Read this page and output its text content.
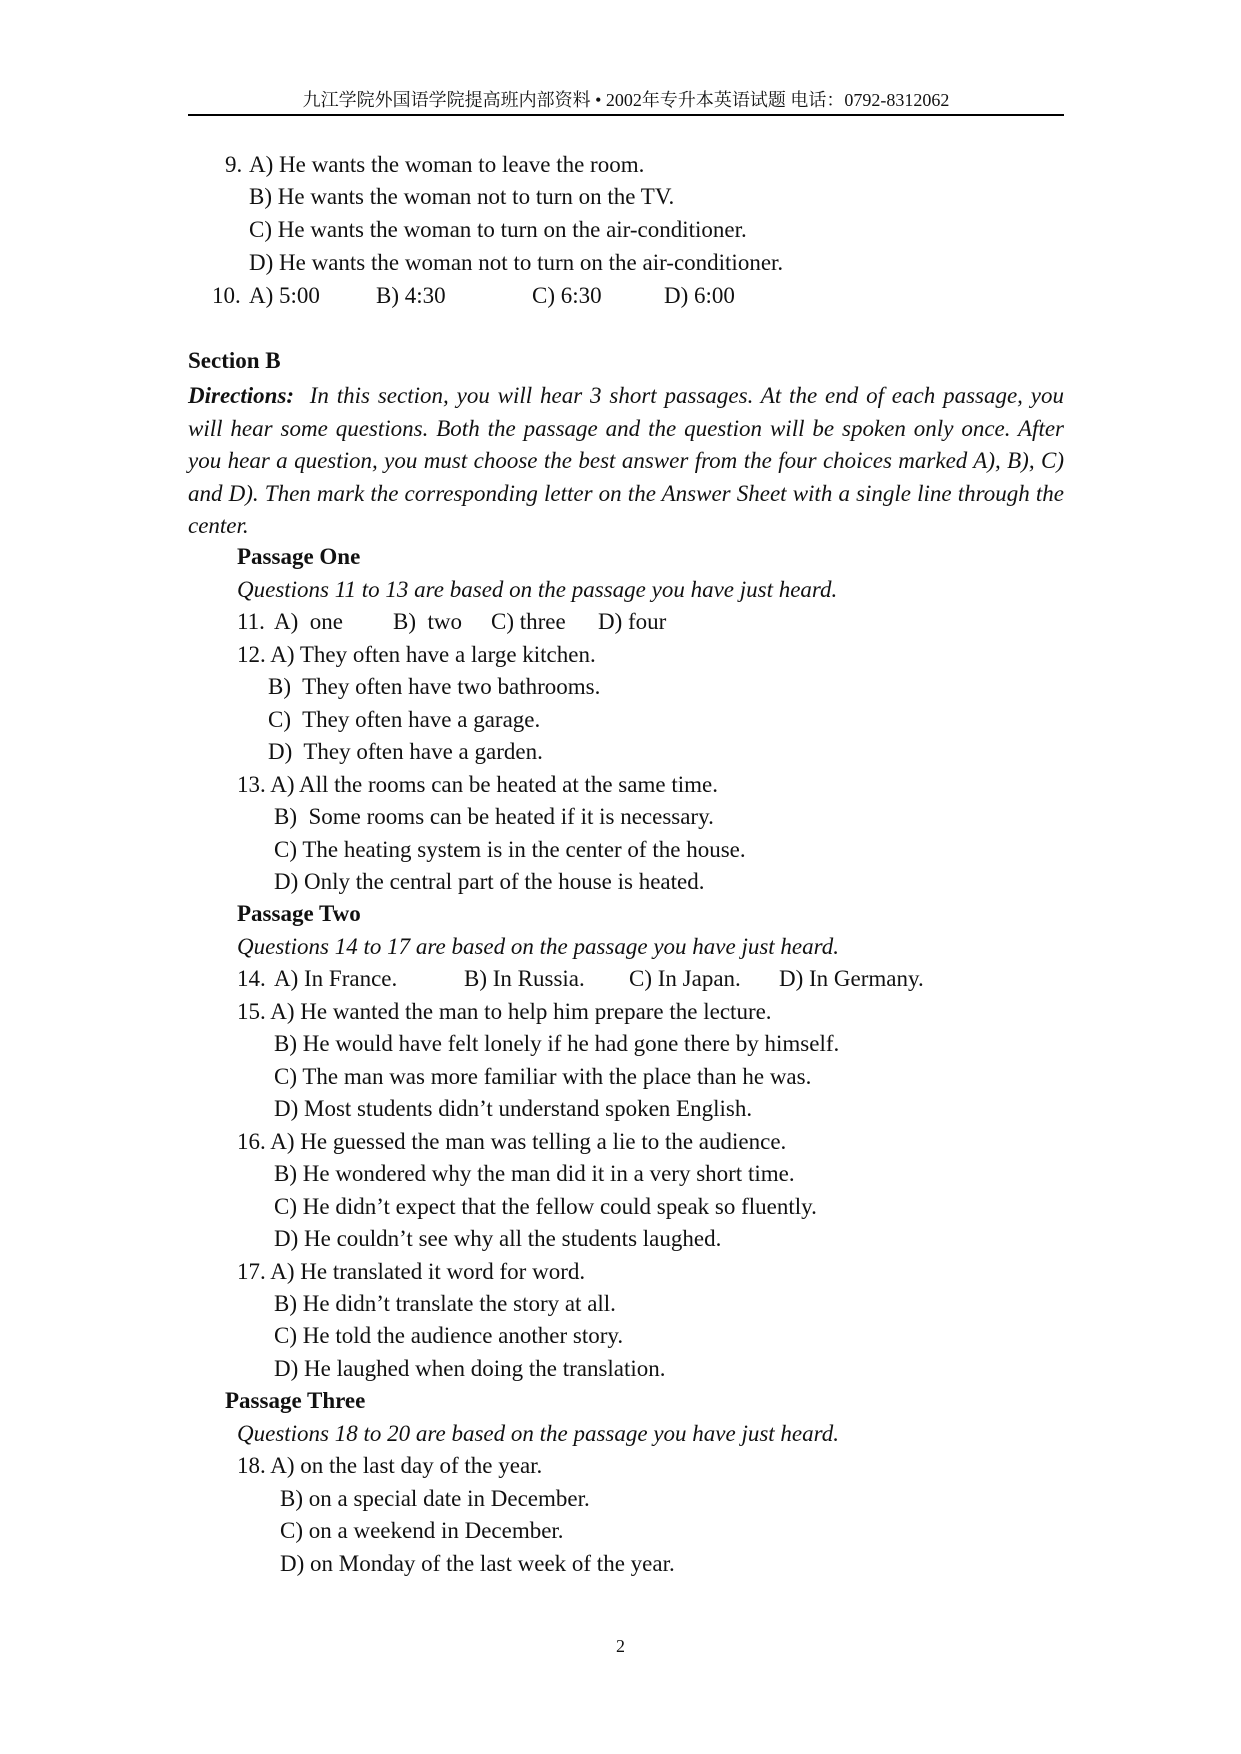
九江学院外国语学院提高班内部资料 • 2002年专升本英语试题 电话：0792-8312062
9. A) He wants the woman to leave the room.
B) He wants the woman not to turn on the TV.
C) He wants the woman to turn on the air-conditioner.
D) He wants the woman not to turn on the air-conditioner.
10. A) 5:00 B) 4:30	C) 6:30	D) 6:00
Section B
Directions: In this section, you will hear 3 short passages. At the end of each passage, you will hear some questions. Both the passage and the question will be spoken only once. After you hear a question, you must choose the best answer from the four choices marked A), B), C) and D). Then mark the corresponding letter on the Answer Sheet with a single line through the center.
Passage One
Questions 11 to 13 are based on the passage you have just heard.
11. A)  one B)  two C) three D) four
12. A) They often have a large kitchen.
B)  They often have two bathrooms.
C)  They often have a garage.
D)  They often have a garden.
13. A) All the rooms can be heated at the same time.
B)  Some rooms can be heated if it is necessary.
C) The heating system is in the center of the house.
D) Only the central part of the house is heated.
Passage Two
Questions 14 to 17 are based on the passage you have just heard.
14. A) In France.	B) In Russia. C) In Japan. D) In Germany.
15. A) He wanted the man to help him prepare the lecture.
B) He would have felt lonely if he had gone there by himself.
C) The man was more familiar with the place than he was.
D) Most students didn’t understand spoken English.
16. A) He guessed the man was telling a lie to the audience.
B) He wondered why the man did it in a very short time.
C) He didn’t expect that the fellow could speak so fluently.
D) He couldn’t see why all the students laughed.
17. A) He translated it word for word.
B) He didn’t translate the story at all.
C) He told the audience another story.
D) He laughed when doing the translation.
Passage Three
Questions 18 to 20 are based on the passage you have just heard.
18. A) on the last day of the year.
B) on a special date in December.
C) on a weekend in December.
D) on Monday of the last week of the year.
2
